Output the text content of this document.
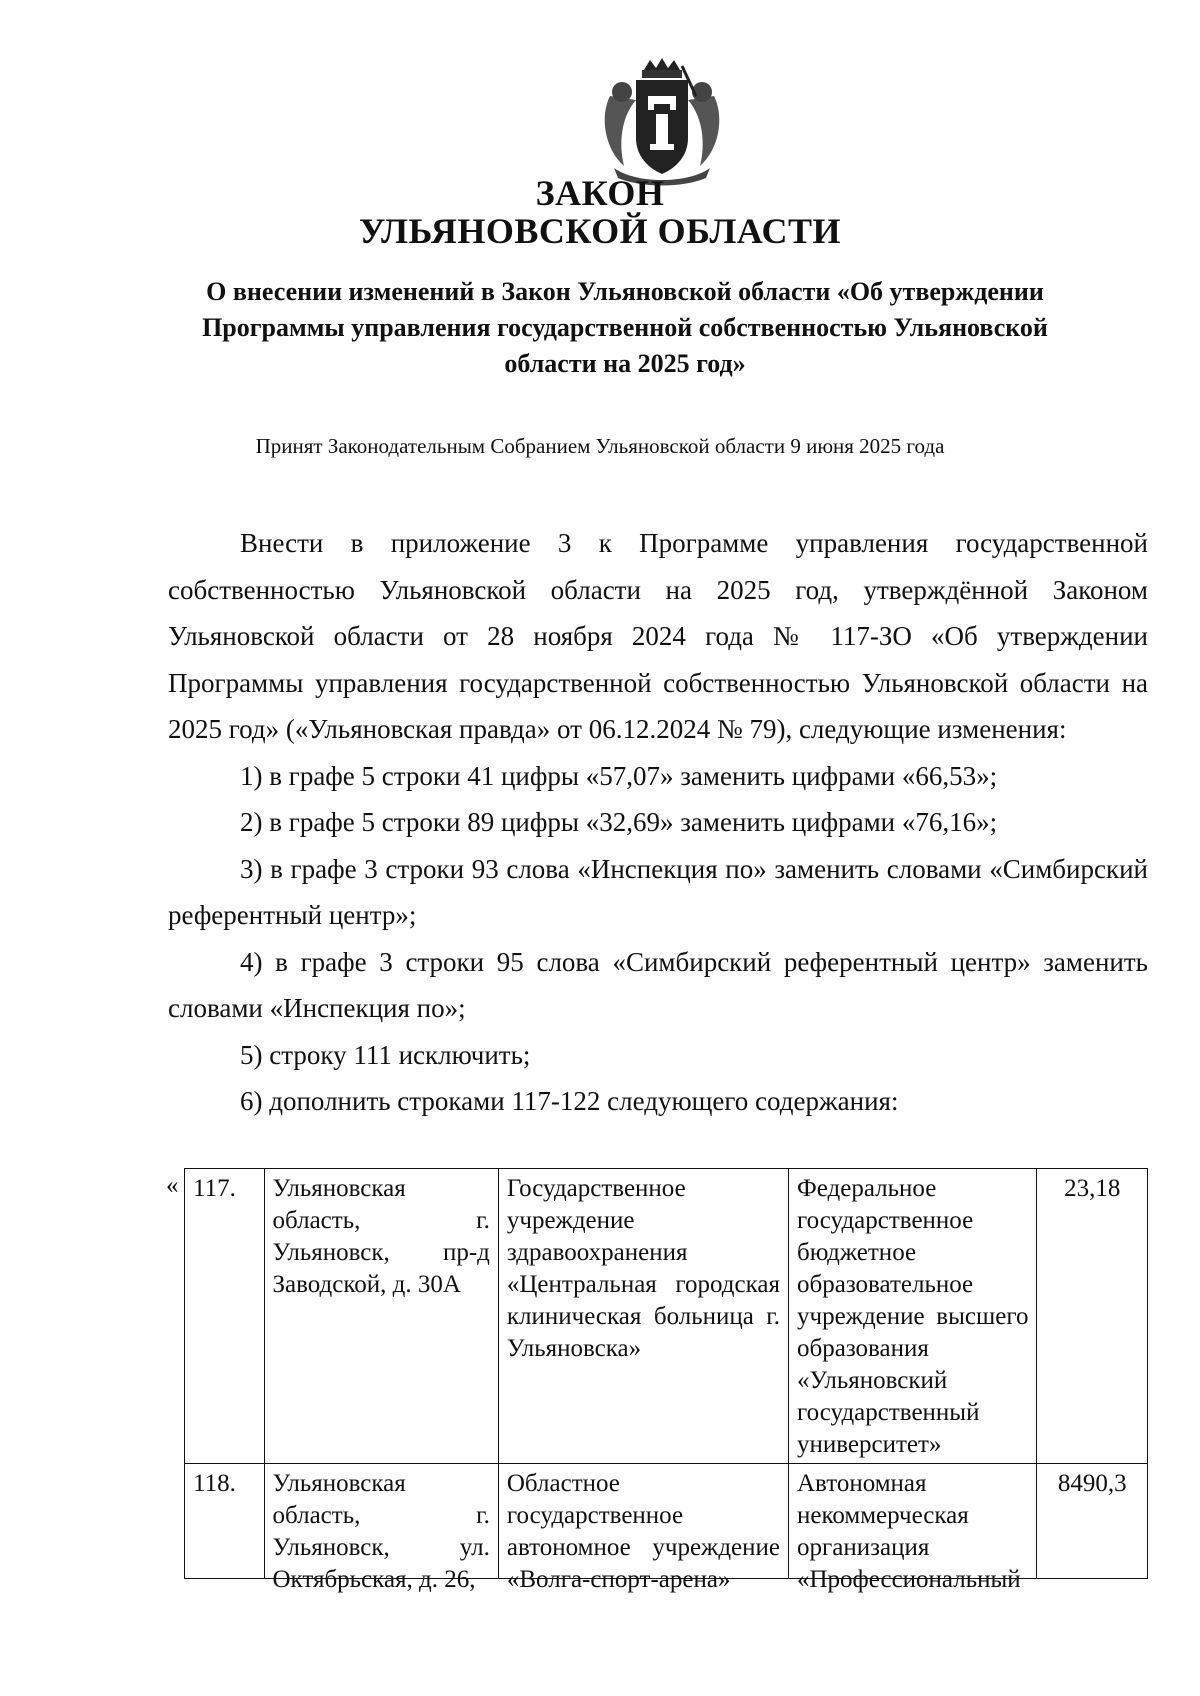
ЗАКОН
УЛЬЯНОВСКОЙ ОБЛАСТИ
О внесении изменений в Закон Ульяновской области «Об утверждении Программы управления государственной собственностью Ульяновской области на 2025 год»
Принят Законодательным Собранием Ульяновской области 9 июня 2025 года

Внести в приложение 3 к Программе управления государственной собственностью Ульяновской области на 2025 год, утверждённой Законом Ульяновской области от 28 ноября 2024 года № 117-ЗО «Об утверждении Программы управления государственной собственностью Ульяновской области на 2025 год» («Ульяновская правда» от 06.12.2024 № 79), следующие изменения:

1) в графе 5 строки 41 цифры «57,07» заменить цифрами «66,53»;

2) в графе 5 строки 89 цифры «32,69» заменить цифрами «76,16»;

3) в графе 3 строки 93 слова «Инспекция по» заменить словами «Симбирский референтный центр»;

4) в графе 3 строки 95 слова «Симбирский референтный центр» заменить словами «Инспекция по»;

5) строку 111 исключить;

6) дополнить строками 117-122 следующего содержания:

« 117.	Ульяновская область, г. Ульяновск, пр-д Заводской, д. 30А	Государственное учреждение здравоохранения «Центральная городская клиническая больница г. Ульяновска»	Федеральное государственное бюджетное образовательное учреждение высшего образования «Ульяновский государственный университет»	23,18

118.	Ульяновская область, г. Ульяновск, ул. Октябрьская, д. 26,	Областное государственное автономное учреждение «Волга-спорт-арена»	Автономная некоммерческая организация «Профессиональный	8490,3
